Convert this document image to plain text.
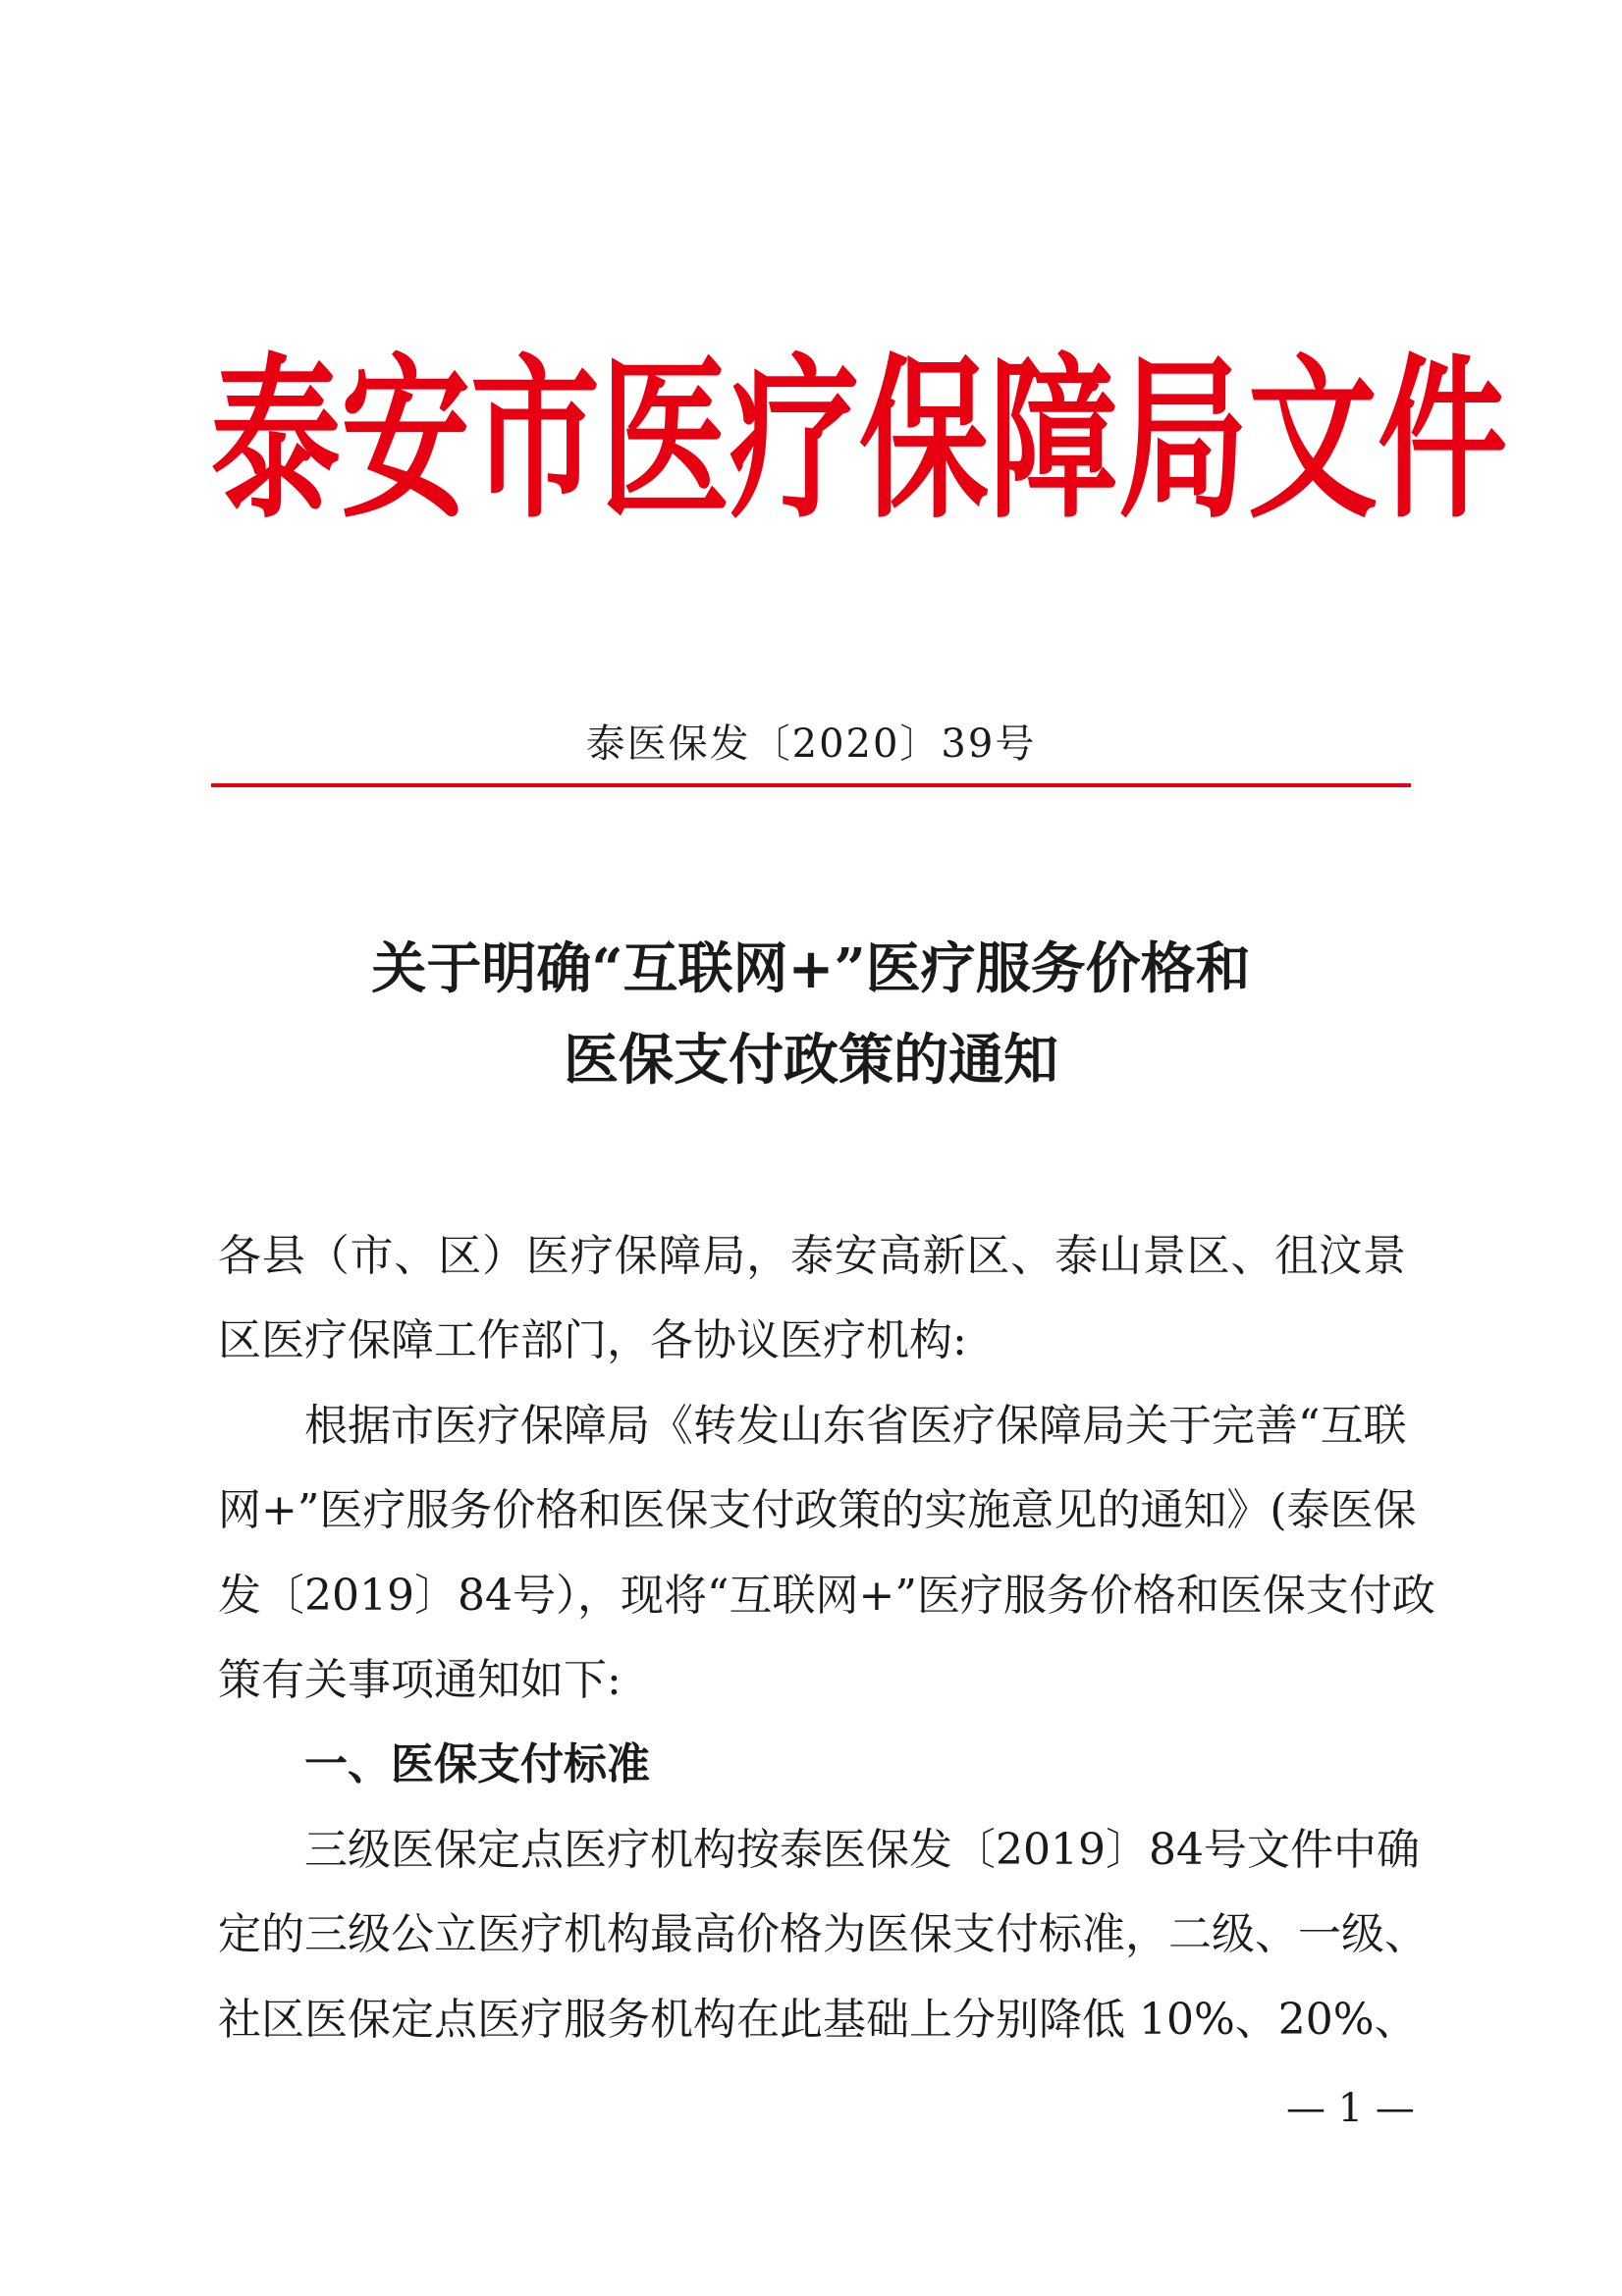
泰安市医疗保障局文件
泰医保发〔2020〕39号
关于明确“互联网+”医疗服务价格和
医保支付政策的通知
各县（市、区）医疗保障局，泰安高新区、泰山景区、徂汶景
区医疗保障工作部门，各协议医疗机构:
根据市医疗保障局《转发山东省医疗保障局关于完善“互联
网+”医疗服务价格和医保支付政策的实施意见的通知》(泰医保
发〔2019〕84号），现将“互联网+”医疗服务价格和医保支付政
策有关事项通知如下:
一、医保支付标准
三级医保定点医疗机构按泰医保发〔2019〕84号文件中确
定的三级公立医疗机构最高价格为医保支付标准，二级、一级、
社区医保定点医疗服务机构在此基础上分别降低 10%、20%、
— 1 —
